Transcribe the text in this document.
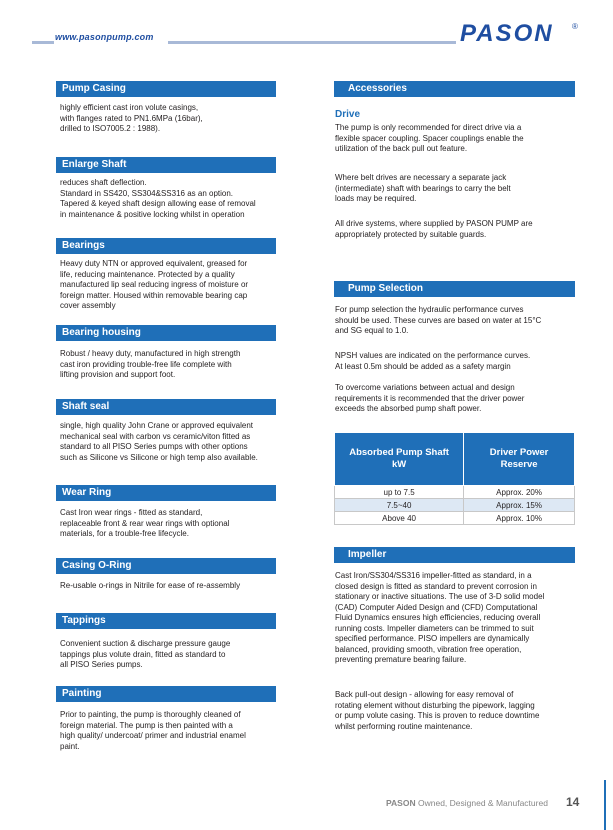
www.pasonpump.com	PASON ®
Pump Casing

highly efficient cast iron volute casings,

with flanges rated to PN1.6MPa (16bar),

drilled to ISO7005.2 : 1988).

Enlarge Shaft

reduces shaft deflection.

Standard in SS420, SS304&SS316 as an option.

Tapered & keyed shaft design allowing ease of removal

in maintenance & positive locking whilst in operation

Bearings

Heavy duty NTN or approved equivalent, greased for

life, reducing maintenance. Protected by a quality

manufactured lip seal reducing ingress of moisture or

foreign matter. Housed within removable bearing cap

cover assembly

Bearing housing

Robust / heavy duty, manufactured in high strength

cast iron providing trouble-free life complete with

lifting provision and support foot.

Shaft seal

single, high quality John Crane or approved equivalent

mechanical seal with carbon vs ceramic/viton fitted as

standard to all PISO Series pumps with other options

such as Silicone vs Silicone or high temp also available.

Wear Ring

Cast Iron wear rings - fitted as standard,

replaceable front & rear wear rings with optional

materials, for a trouble-free lifecycle.

Casing O-Ring

Re-usable o-rings in Nitrile for ease of re-assembly

Tappings

Convenient suction & discharge pressure gauge

tappings plus volute drain, fitted as standard to

all PISO Series pumps.

Painting

Prior to painting, the pump is thoroughly cleaned of

foreign material. The pump is then painted with a

high quality/ undercoat/ primer and industrial enamel

paint.

Accessories
Drive

The pump is only recommended for direct drive via a

flexible spacer coupling. Spacer couplings enable the

utilization of the back pull out feature.

Where belt drives are necessary a separate jack

(intermediate) shaft with bearings to carry the belt

loads may be required.

All drive systems, where supplied by PASON PUMP are

appropriately protected by suitable guards.

Pump Selection

For pump selection the hydraulic performance curves

should be used. These curves are based on water at 15°C

and SG equal to 1.0.

NPSH values are indicated on the performance curves.

At least 0.5m should be added as a safety margin

To overcome variations between actual and design

requirements it is recommended that the driver power

exceeds the absorbed pump shaft power.

Absorbed Pump Shaft kW	Driver Power Reserve
up to 7.5	Approx. 20%
7.5~40	Approx. 15%
Above 40	Approx. 10%
Impeller

Cast Iron/SS304/SS316 impeller-fitted as standard, in a

closed design is fitted as standard to prevent corrosion in

stationary or inactive situations. The use of 3-D solid model

(CAD) Computer Aided Design and (CFD) Computational

Fluid Dynamics ensures high efficiencies, reducing overall

running costs. Impeller diameters can be trimmed to suit

specified performance. PISO impellers are dynamically

balanced, providing smooth, vibration free operation,

preventing premature bearing failure.

Back pull-out design - allowing for easy removal of

rotating element without disturbing the pipework, lagging

or pump volute casing. This is proven to reduce downtime

whilst performing routine maintenance.

PASON Owned, Designed & Manufactured 14
